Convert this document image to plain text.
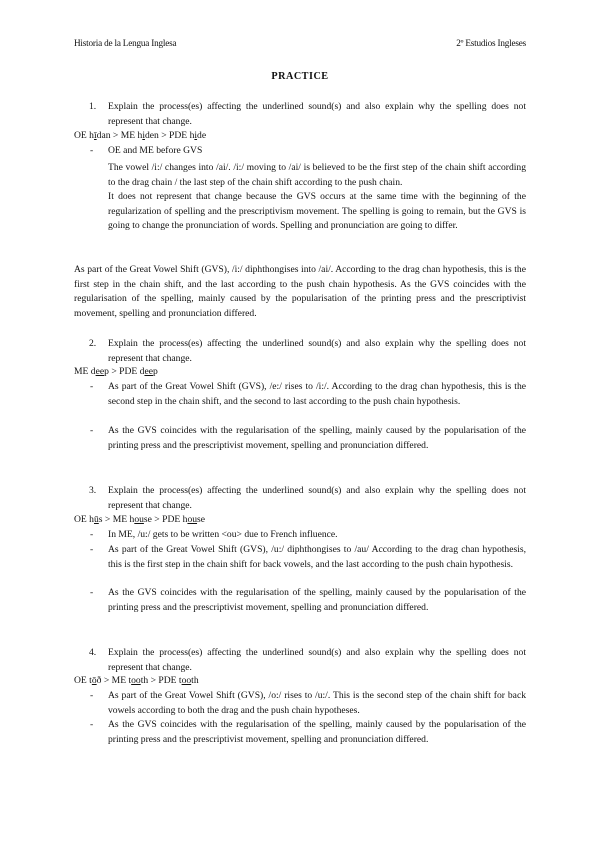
Historia de la Lengua Inglesa	2º Estudios Ingleses
PRACTICE
1. Explain the process(es) affecting the underlined sound(s) and also explain why the spelling does not represent that change.
OE hīdan > ME hiden > PDE hide
- OE and ME before GVS
The vowel /i:/ changes into /ai/. /i:/ moving to /ai/ is believed to be the first step of the chain shift according to the drag chain / the last step of the chain shift according to the push chain.
It does not represent that change because the GVS occurs at the same time with the beginning of the regularization of spelling and the prescriptivism movement. The spelling is going to remain, but the GVS is going to change the pronunciation of words. Spelling and pronunciation are going to differ.
As part of the Great Vowel Shift (GVS), /i:/ diphthongises into /ai/. According to the drag chan hypothesis, this is the first step in the chain shift, and the last according to the push chain hypothesis. As the GVS coincides with the regularisation of the spelling, mainly caused by the popularisation of the printing press and the prescriptivist movement, spelling and pronunciation differed.
2. Explain the process(es) affecting the underlined sound(s) and also explain why the spelling does not represent that change.
ME deep > PDE deep
- As part of the Great Vowel Shift (GVS), /e:/ rises to /i:/. According to the drag chan hypothesis, this is the second step in the chain shift, and the second to last according to the push chain hypothesis.
- As the GVS coincides with the regularisation of the spelling, mainly caused by the popularisation of the printing press and the prescriptivist movement, spelling and pronunciation differed.
3. Explain the process(es) affecting the underlined sound(s) and also explain why the spelling does not represent that change.
OE hūs > ME house > PDE house
- In ME, /u:/ gets to be written <ou> due to French influence.
- As part of the Great Vowel Shift (GVS), /u:/ diphthongises to /au/ According to the drag chan hypothesis, this is the first step in the chain shift for back vowels, and the last according to the push chain hypothesis.
- As the GVS coincides with the regularisation of the spelling, mainly caused by the popularisation of the printing press and the prescriptivist movement, spelling and pronunciation differed.
4. Explain the process(es) affecting the underlined sound(s) and also explain why the spelling does not represent that change.
OE tōð > ME tooth > PDE tooth
- As part of the Great Vowel Shift (GVS), /o:/ rises to /u:/. This is the second step of the chain shift for back vowels according to both the drag and the push chain hypotheses.
- As the GVS coincides with the regularisation of the spelling, mainly caused by the popularisation of the printing press and the prescriptivist movement, spelling and pronunciation differed.
